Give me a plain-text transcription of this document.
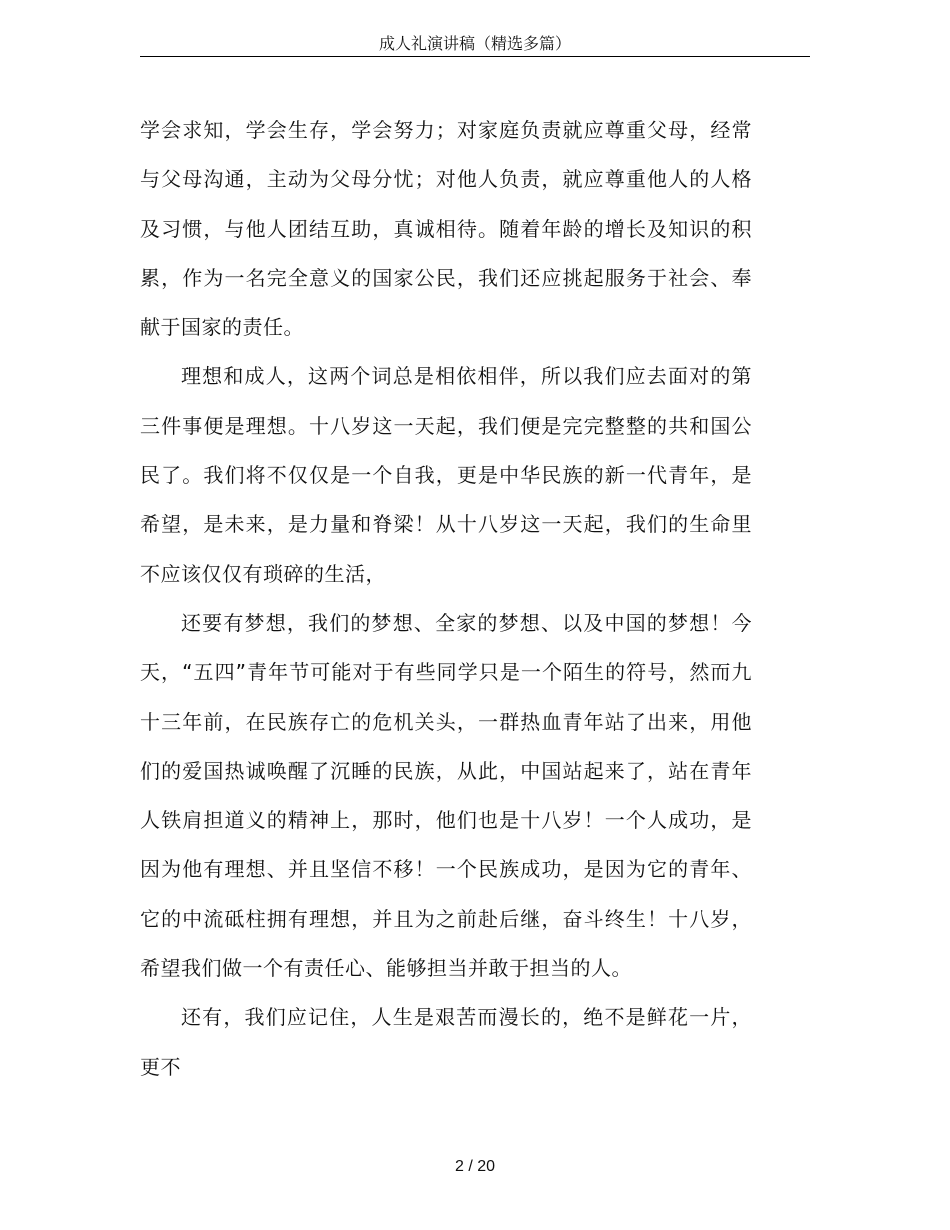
成人礼演讲稿（精选多篇）

学会求知，学会生存，学会努力；对家庭负责就应尊重父母，经常与父母沟通，主动为父母分忧；对他人负责，就应尊重他人的人格及习惯，与他人团结互助，真诚相待。随着年龄的增长及知识的积累，作为一名完全意义的国家公民，我们还应挑起服务于社会、奉献于国家的责任。

理想和成人，这两个词总是相依相伴，所以我们应去面对的第三件事便是理想。十八岁这一天起，我们便是完完整整的共和国公民了。我们将不仅仅是一个自我，更是中华民族的新一代青年，是希望，是未来，是力量和脊梁！从十八岁这一天起，我们的生命里不应该仅仅有琐碎的生活，

还要有梦想，我们的梦想、全家的梦想、以及中国的梦想！今天，“五四”青年节可能对于有些同学只是一个陌生的符号，然而九十三年前，在民族存亡的危机关头，一群热血青年站了出来，用他们的爱国热诚唤醒了沉睡的民族，从此，中国站起来了，站在青年人铁肩担道义的精神上，那时，他们也是十八岁！一个人成功，是因为他有理想、并且坚信不移！一个民族成功，是因为它的青年、它的中流砥柱拥有理想，并且为之前赴后继，奋斗终生！十八岁，希望我们做一个有责任心、能够担当并敢于担当的人。

还有，我们应记住，人生是艰苦而漫长的，绝不是鲜花一片，更不

2 / 20
